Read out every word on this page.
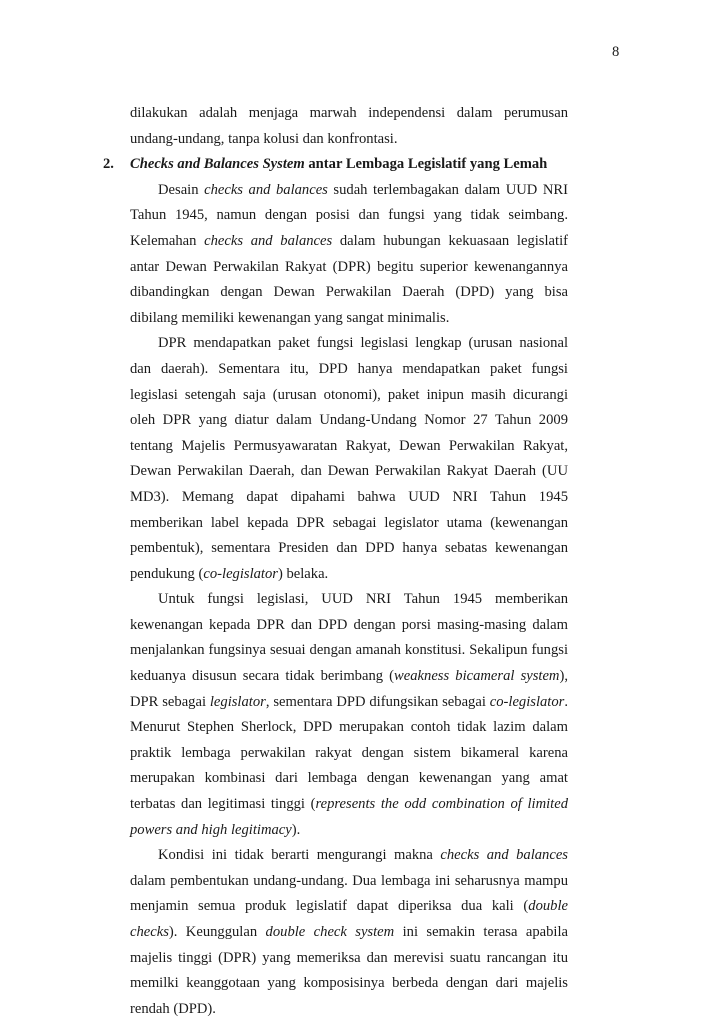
8

dilakukan adalah menjaga marwah independensi dalam perumusan undang-undang, tanpa kolusi dan konfrontasi.

2. Checks and Balances System antar Lembaga Legislatif yang Lemah

Desain checks and balances sudah terlembagakan dalam UUD NRI Tahun 1945, namun dengan posisi dan fungsi yang tidak seimbang. Kelemahan checks and balances dalam hubungan kekuasaan legislatif antar Dewan Perwakilan Rakyat (DPR) begitu superior kewenangannya dibandingkan dengan Dewan Perwakilan Daerah (DPD) yang bisa dibilang memiliki kewenangan yang sangat minimalis.

DPR mendapatkan paket fungsi legislasi lengkap (urusan nasional dan daerah). Sementara itu, DPD hanya mendapatkan paket fungsi legislasi setengah saja (urusan otonomi), paket inipun masih dicurangi oleh DPR yang diatur dalam Undang-Undang Nomor 27 Tahun 2009 tentang Majelis Permusyawaratan Rakyat, Dewan Perwakilan Rakyat, Dewan Perwakilan Daerah, dan Dewan Perwakilan Rakyat Daerah (UU MD3). Memang dapat dipahami bahwa UUD NRI Tahun 1945 memberikan label kepada DPR sebagai legislator utama (kewenangan pembentuk), sementara Presiden dan DPD hanya sebatas kewenangan pendukung (co-legislator) belaka.

Untuk fungsi legislasi, UUD NRI Tahun 1945 memberikan kewenangan kepada DPR dan DPD dengan porsi masing-masing dalam menjalankan fungsinya sesuai dengan amanah konstitusi. Sekalipun fungsi keduanya disusun secara tidak berimbang (weakness bicameral system), DPR sebagai legislator, sementara DPD difungsikan sebagai co-legislator. Menurut Stephen Sherlock, DPD merupakan contoh tidak lazim dalam praktik lembaga perwakilan rakyat dengan sistem bikameral karena merupakan kombinasi dari lembaga dengan kewenangan yang amat terbatas dan legitimasi tinggi (represents the odd combination of limited powers and high legitimacy).

Kondisi ini tidak berarti mengurangi makna checks and balances dalam pembentukan undang-undang. Dua lembaga ini seharusnya mampu menjamin semua produk legislatif dapat diperiksa dua kali (double checks). Keunggulan double check system ini semakin terasa apabila majelis tinggi (DPR) yang memeriksa dan merevisi suatu rancangan itu memilki keanggotaan yang komposisinya berbeda dengan dari majelis rendah (DPD).
